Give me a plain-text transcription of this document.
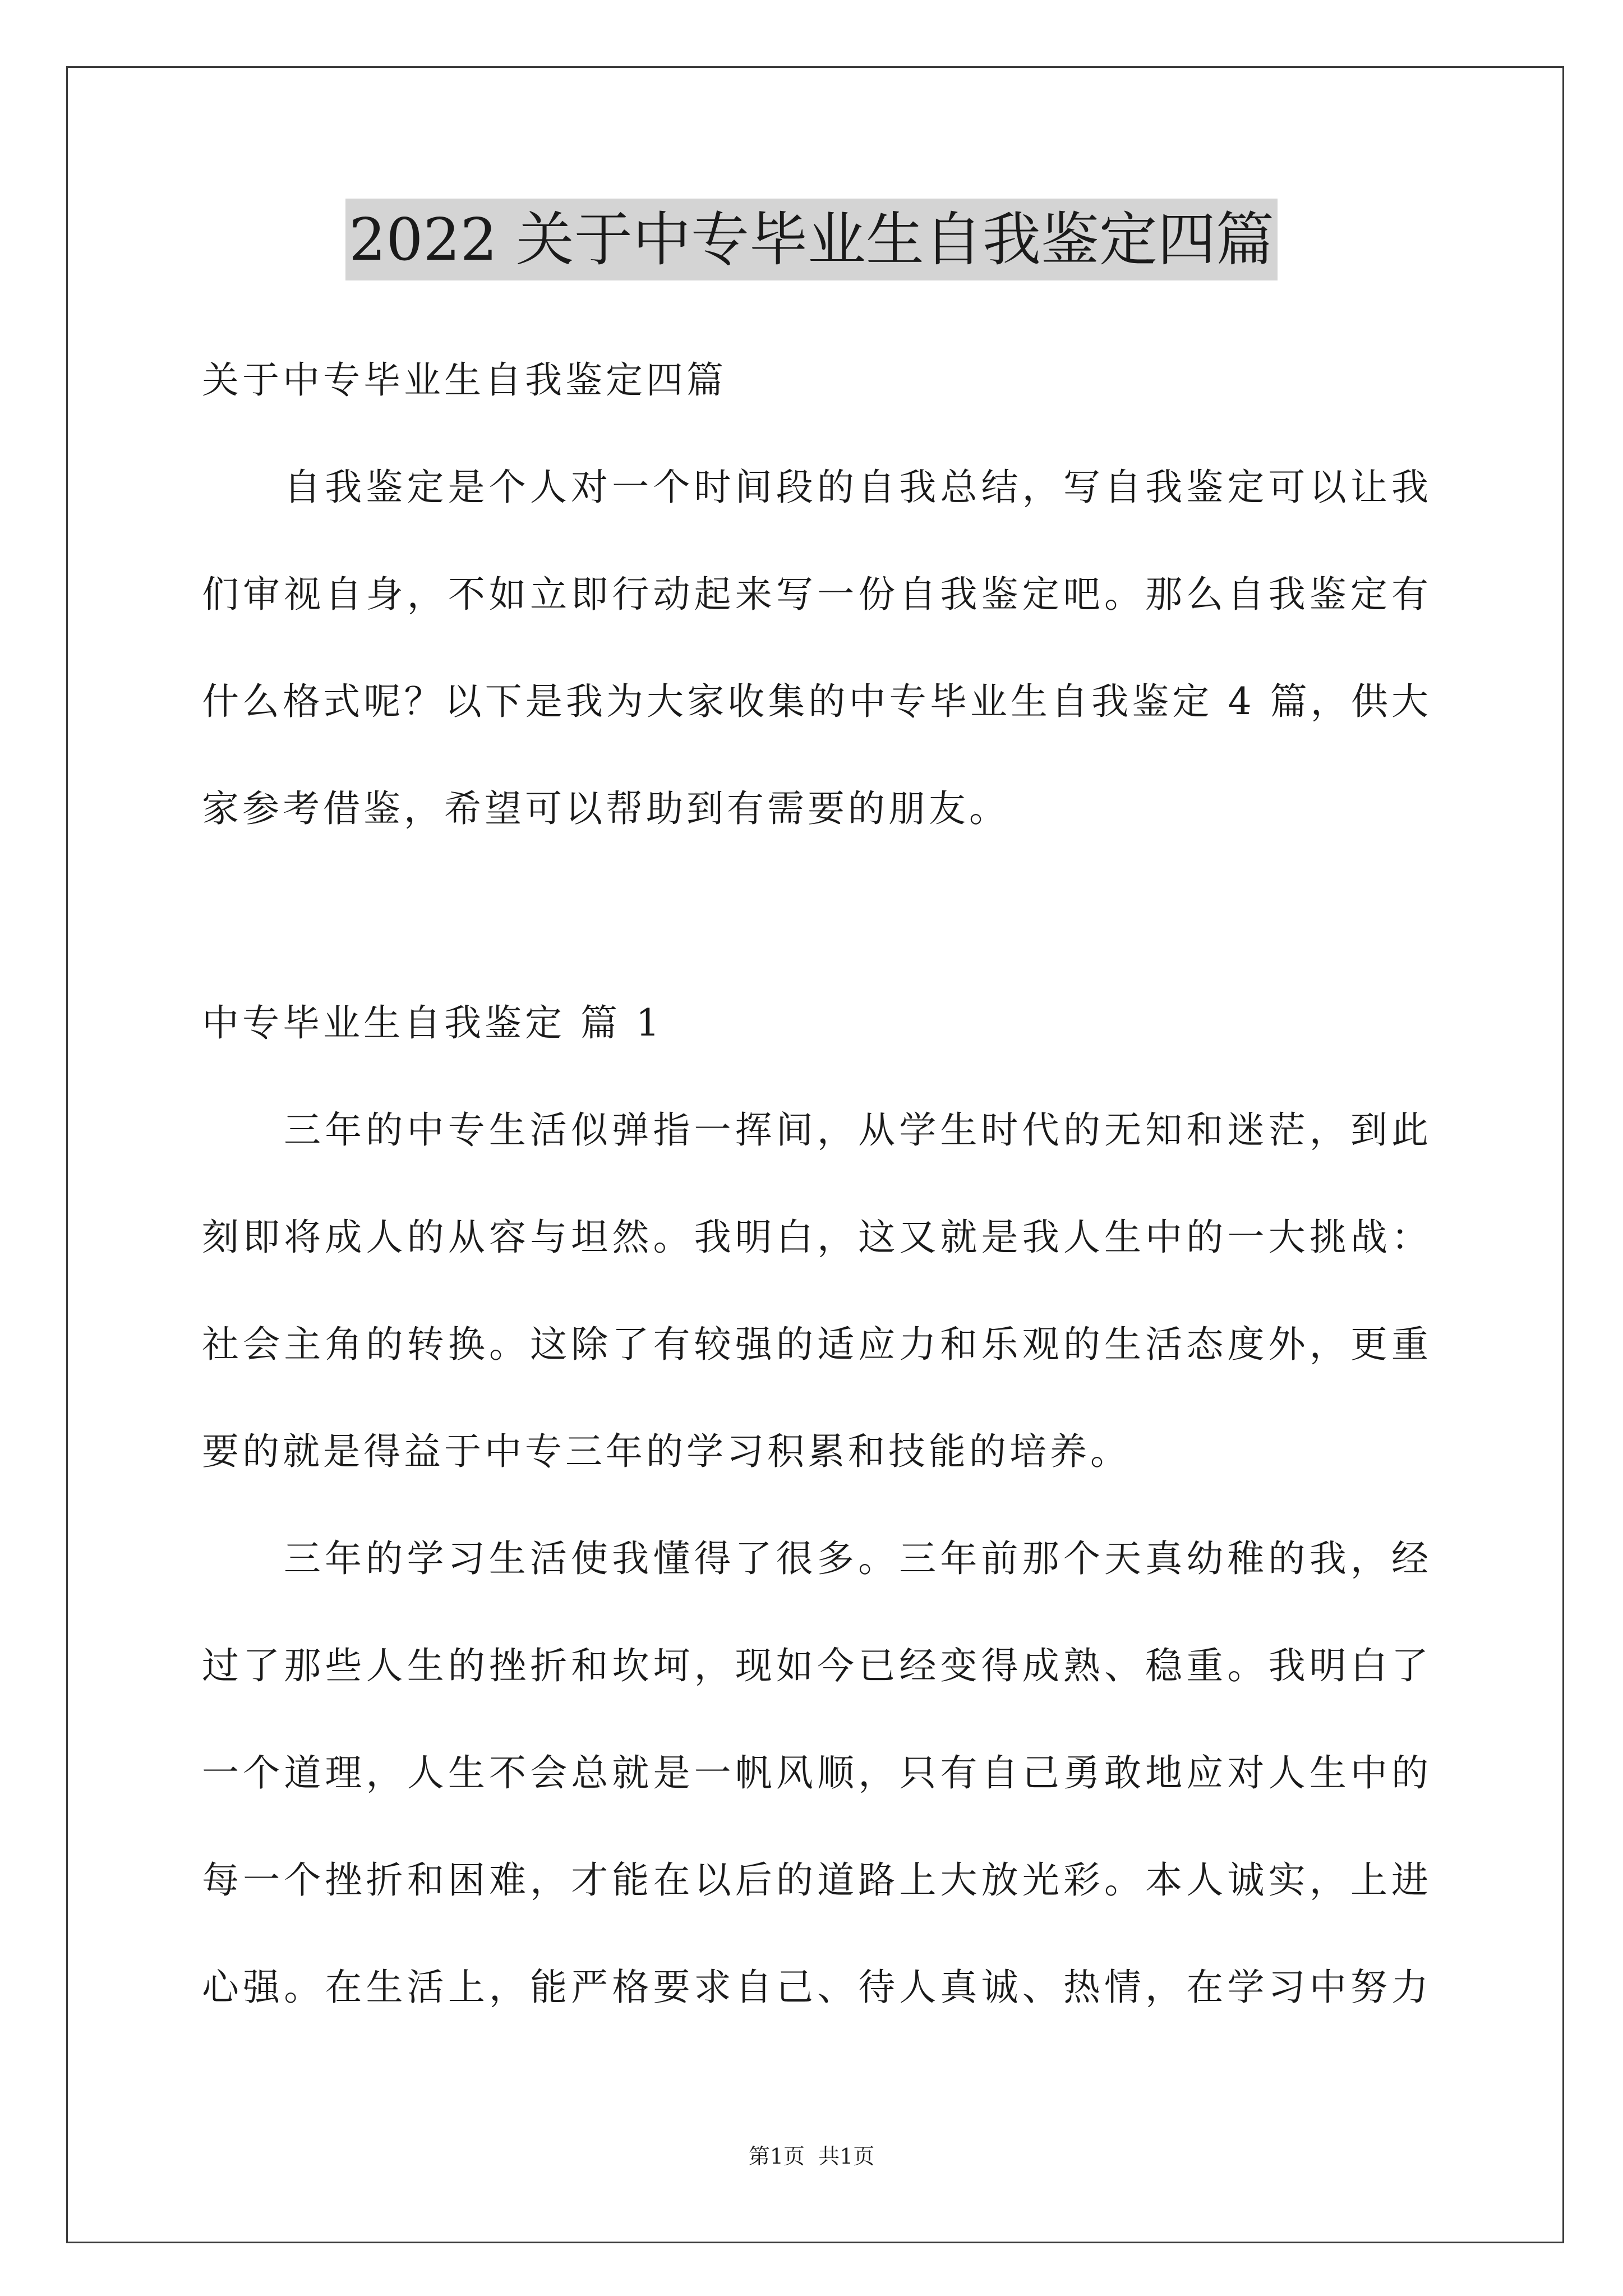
2022 关于中专毕业生自我鉴定四篇
关于中专毕业生自我鉴定四篇
自我鉴定是个人对一个时间段的自我总结，写自我鉴定可以让我
们审视自身，不如立即行动起来写一份自我鉴定吧。那么自我鉴定有
什么格式呢？以下是我为大家收集的中专毕业生自我鉴定 4 篇，供大
家参考借鉴，希望可以帮助到有需要的朋友。
中专毕业生自我鉴定 篇 1
三年的中专生活似弹指一挥间，从学生时代的无知和迷茫，到此
刻即将成人的从容与坦然。我明白，这又就是我人生中的一大挑战：
社会主角的转换。这除了有较强的适应力和乐观的生活态度外，更重
要的就是得益于中专三年的学习积累和技能的培养。
三年的学习生活使我懂得了很多。三年前那个天真幼稚的我，经
过了那些人生的挫折和坎坷，现如今已经变得成熟、稳重。我明白了
一个道理，人生不会总就是一帆风顺，只有自己勇敢地应对人生中的
每一个挫折和困难，才能在以后的道路上大放光彩。本人诚实，上进
心强。在生活上，能严格要求自己、待人真诚、热情，在学习中努力
第1页  共1页
